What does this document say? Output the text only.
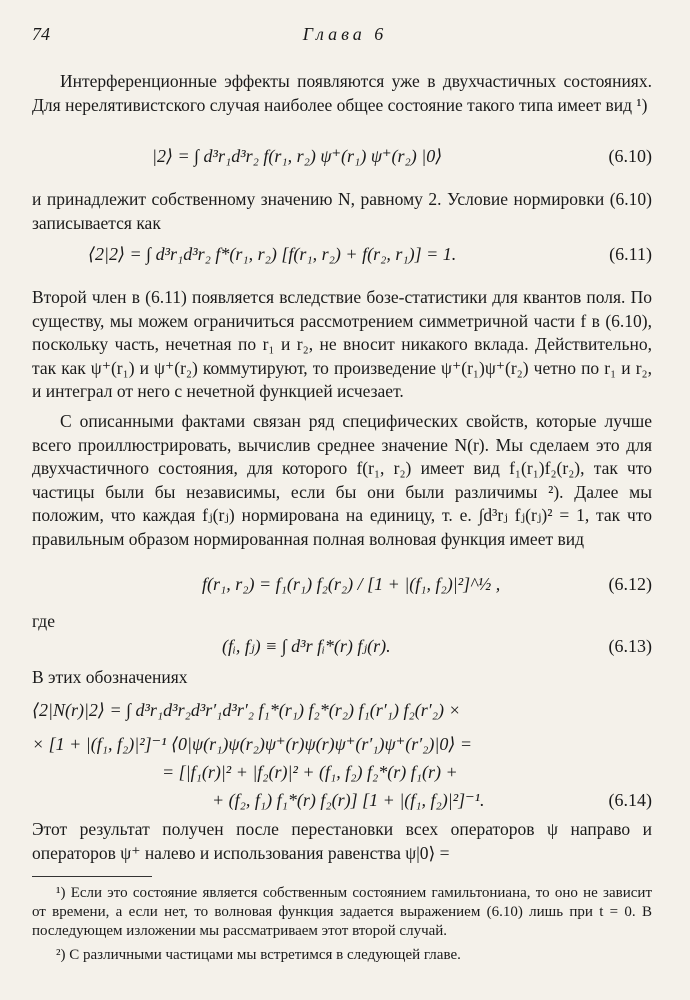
74	Глава 6

Интерференционные эффекты появляются уже в двухчастичных состояниях. Для нерелятивистского случая наиболее общее состояние такого типа имеет вид ¹)

|2⟩ = ∫ d³r₁d³r₂ f(r₁, r₂) ψ⁺(r₁) ψ⁺(r₂) |0⟩	(6.10)

и принадлежит собственному значению N, равному 2. Условие нормировки (6.10) записывается как

⟨2|2⟩ = ∫ d³r₁d³r₂ f*(r₁, r₂) [f(r₁, r₂) + f(r₂, r₁)] = 1.	(6.11)

Второй член в (6.11) появляется вследствие бозе-статистики для квантов поля. По существу, мы можем ограничиться рассмотрением симметричной части f в (6.10), поскольку часть, нечетная по r₁ и r₂, не вносит никакого вклада. Действительно, так как ψ⁺(r₁) и ψ⁺(r₂) коммутируют, то произведение ψ⁺(r₁)ψ⁺(r₂) четно по r₁ и r₂, и интеграл от него с нечетной функцией исчезает.

С описанными фактами связан ряд специфических свойств, которые лучше всего проиллюстрировать, вычислив среднее значение N(r). Мы сделаем это для двухчастичного состояния, для которого f(r₁, r₂) имеет вид f₁(r₁)f₂(r₂), так что частицы были бы независимы, если бы они были различимы ²). Далее мы положим, что каждая fⱼ(rⱼ) нормирована на единицу, т. е. ∫d³rⱼ fⱼ(rⱼ)² = 1, так что правильным образом нормированная полная волновая функция имеет вид

f(r₁, r₂) = f₁(r₁) f₂(r₂) / [1 + |(f₁, f₂)|²]^½ ,	(6.12)

где

(fᵢ, fⱼ) ≡ ∫ d³r fᵢ*(r) fⱼ(r).	(6.13)

В этих обозначениях

⟨2|N(r)|2⟩ = ∫ d³r₁d³r₂d³r′₁d³r′₂ f₁*(r₁) f₂*(r₂) f₁(r′₁) f₂(r′₂) ×
× [1 + |(f₁, f₂)|²]⁻¹ ⟨0|ψ(r₁)ψ(r₂)ψ⁺(r)ψ(r)ψ⁺(r′₁)ψ⁺(r′₂)|0⟩ =
= [|f₁(r)|² + |f₂(r)|² + (f₁, f₂) f₂*(r) f₁(r) +
+ (f₂, f₁) f₁*(r) f₂(r)] [1 + |(f₁, f₂)|²]⁻¹.	(6.14)

Этот результат получен после перестановки всех операторов ψ направо и операторов ψ⁺ налево и использования равенства ψ|0⟩ =

¹) Если это состояние является собственным состоянием гамильтониана, то оно не зависит от времени, а если нет, то волновая функция задается выражением (6.10) лишь при t = 0. В последующем изложении мы рассматриваем этот второй случай.

²) С различными частицами мы встретимся в следующей главе.
